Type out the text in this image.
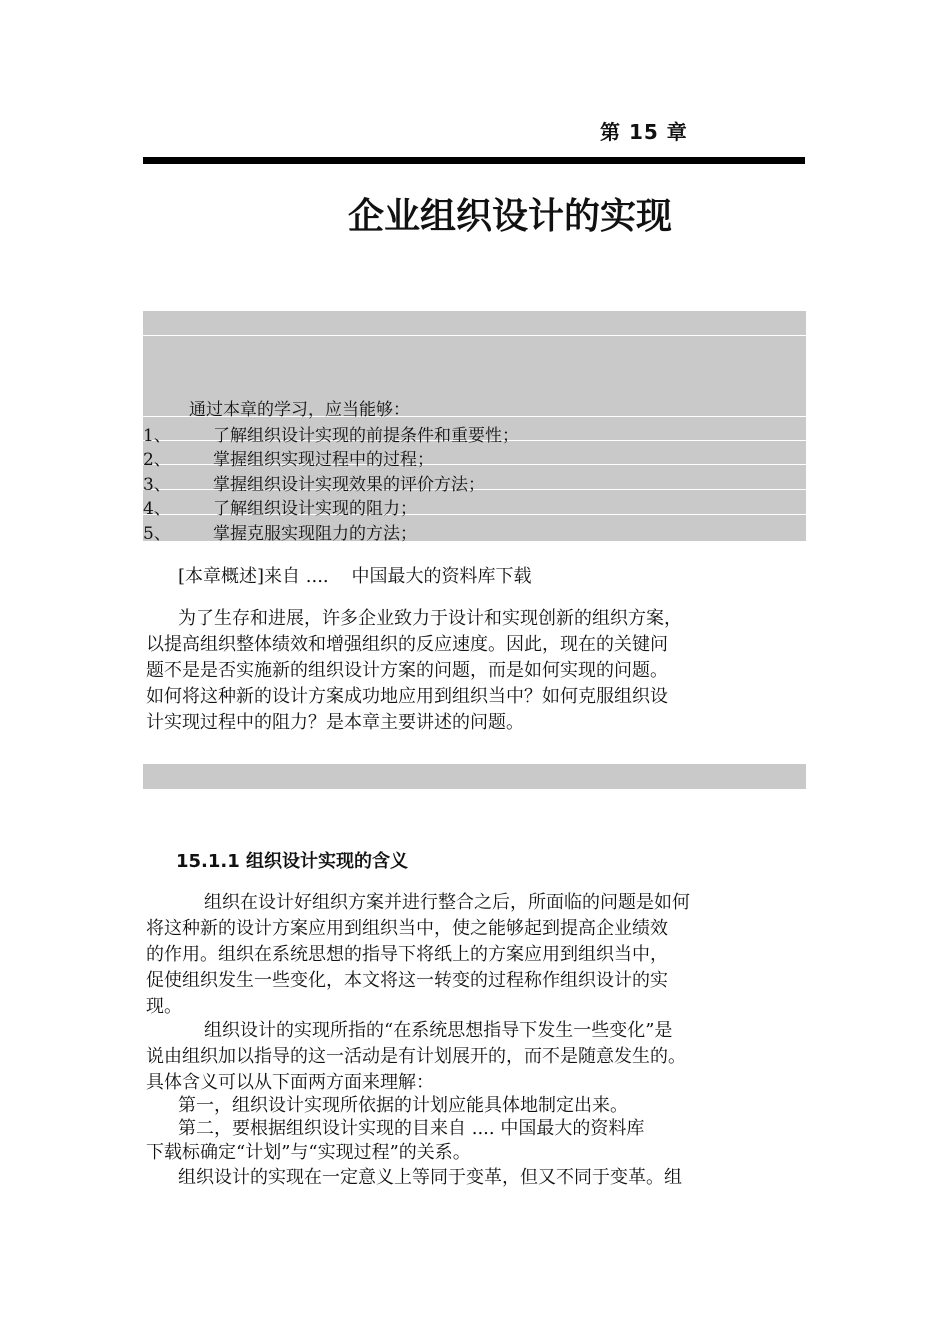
第 15 章
企业组织设计的实现
通过本章的学习，应当能够：
1、 了解组织设计实现的前提条件和重要性；
2、 掌握组织实现过程中的过程；
3、 掌握组织设计实现效果的评价方法；
4、 了解组织设计实现的阻力；
5、 掌握克服实现阻力的方法；
[本章概述]来自 ....    中国最大的资料库下载
为了生存和进展，许多企业致力于设计和实现创新的组织方案，
以提高组织整体绩效和增强组织的反应速度。因此，现在的关键问
题不是是否实施新的组织设计方案的问题，而是如何实现的问题。
如何将这种新的设计方案成功地应用到组织当中？如何克服组织设
计实现过程中的阻力？是本章主要讲述的问题。
15.1.1 组织设计实现的含义
组织在设计好组织方案并进行整合之后，所面临的问题是如何
将这种新的设计方案应用到组织当中，使之能够起到提高企业绩效
的作用。组织在系统思想的指导下将纸上的方案应用到组织当中，
促使组织发生一些变化，本文将这一转变的过程称作组织设计的实
现。
组织设计的实现所指的“在系统思想指导下发生一些变化”是
说由组织加以指导的这一活动是有计划展开的，而不是随意发生的。
具体含义可以从下面两方面来理解：
第一，组织设计实现所依据的计划应能具体地制定出来。
第二，要根据组织设计实现的目来自 .... 中国最大的资料库
下载标确定“计划”与“实现过程”的关系。
组织设计的实现在一定意义上等同于变革，但又不同于变革。组
